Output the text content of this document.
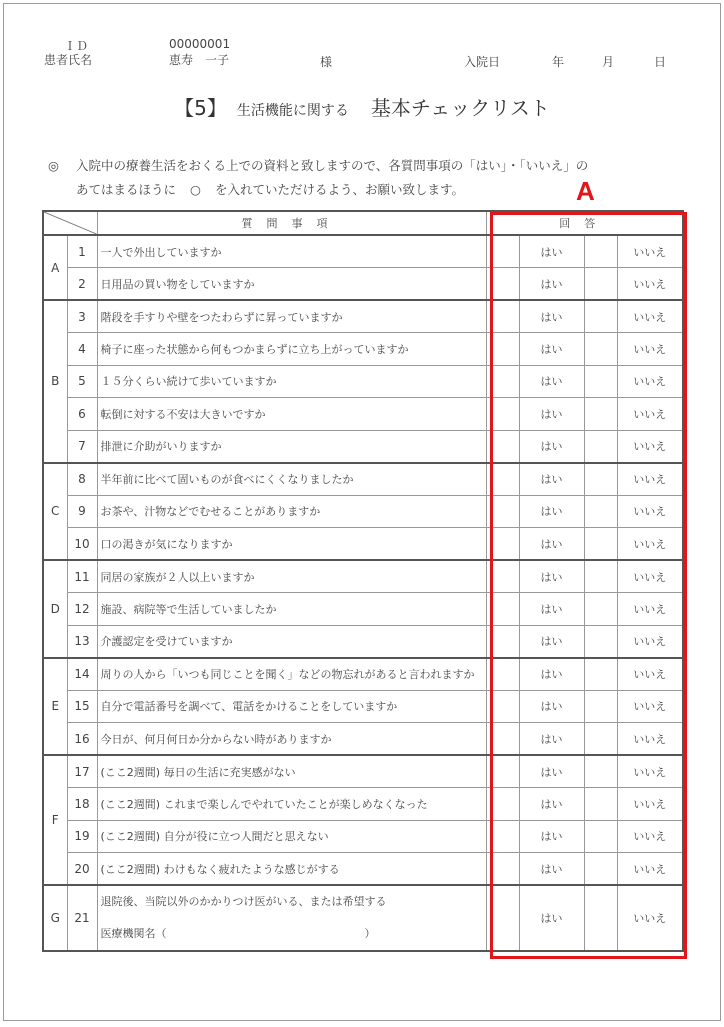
ＩＤ
患者氏名
00000001
恵寿　一子	様	入院日	年	月	日
【5】 生活機能に関する 基本チェックリスト
◎ 入院中の療養生活をおくる上での資料と致しますので、各質問事項の「はい」・「いいえ」の
あてはまるほうに ○ を入れていただけるよう、お願い致します。	A
	質問事項	回答			
A	1	一人で外出していますか		はい		いいえ
	2	日用品の買い物をしていますか		はい		いいえ
B	3	階段を手すりや壁をつたわらずに昇っていますか		はい		いいえ
	4	椅子に座った状態から何もつかまらずに立ち上がっていますか		はい		いいえ
	5	１５分くらい続けて歩いていますか		はい		いいえ
	6	転倒に対する不安は大きいですか		はい		いいえ
	7	排泄に介助がいりますか		はい		いいえ
C	8	半年前に比べて固いものが食べにくくなりましたか		はい		いいえ
	9	お茶や、汁物などでむせることがありますか		はい		いいえ
	10	口の渇きが気になりますか		はい		いいえ
D	11	同居の家族が２人以上いますか		はい		いいえ
	12	施設、病院等で生活していましたか		はい		いいえ
	13	介護認定を受けていますか		はい		いいえ
E	14	周りの人から「いつも同じことを聞く」などの物忘れがあると言われますか		はい		いいえ
	15	自分で電話番号を調べて、電話をかけることをしていますか		はい		いいえ
	16	今日が、何月何日か分からない時がありますか		はい		いいえ
F	17	(ここ2週間) 毎日の生活に充実感がない		はい		いいえ
	18	(ここ2週間) これまで楽しんでやれていたことが楽しめなくなった		はい		いいえ
	19	(ここ2週間) 自分が役に立つ人間だと思えない		はい		いいえ
	20	(ここ2週間) わけもなく疲れたような感じがする		はい		いいえ
G	21	退院後、当院以外のかかりつけ医がいる、または希望する
医療機関名（　　　　　　　　　　　　　　　　　　）		はい		いいえ
